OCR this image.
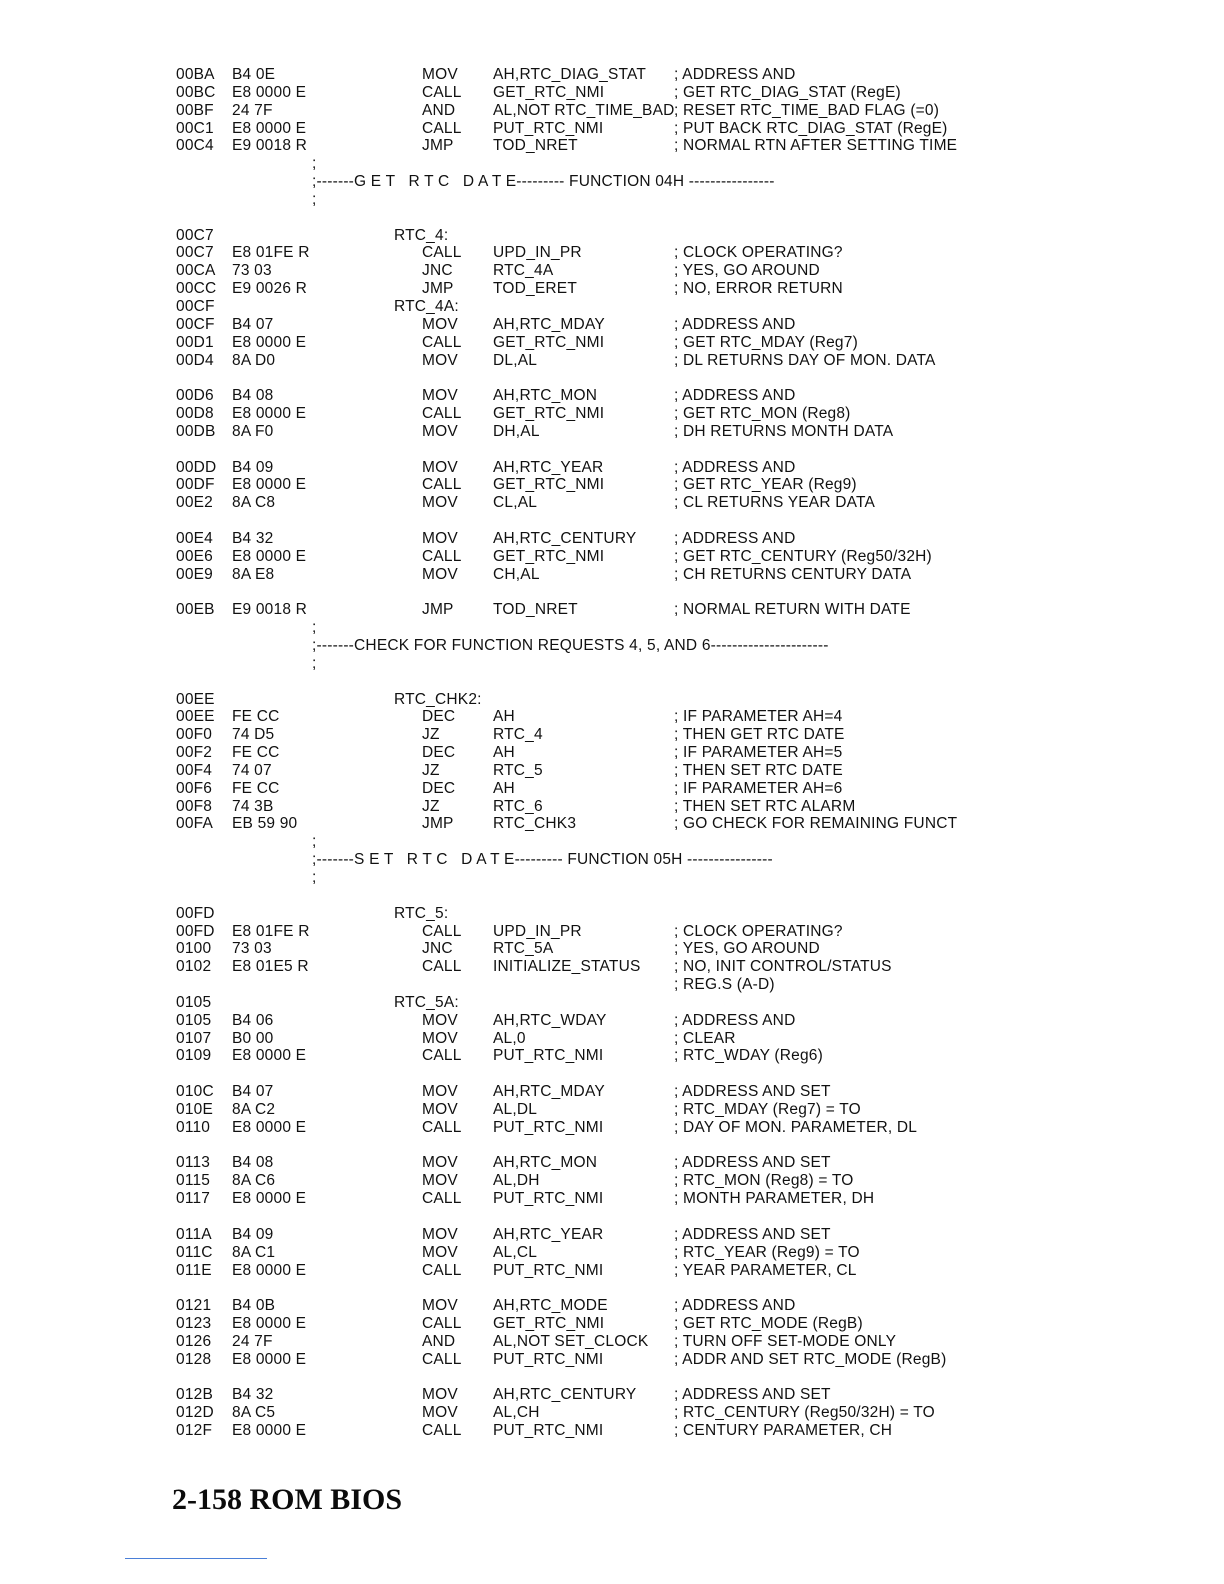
00BA B4 0E	MOV AH,RTC_DIAG_STAT ; ADDRESS AND
00BC E8 0000 E	CALL GET_RTC_NMI	; GET RTC_DIAG_STAT (RegE)
00BF 24 7F	AND AL,NOT RTC_TIME_BAD ; RESET RTC_TIME_BAD FLAG (=0)
00C1 E8 0000 E	CALL PUT_RTC_NMI	; PUT BACK RTC_DIAG_STAT (RegE)
00C4 E9 0018 R	JMP	TOD_NRET	; NORMAL RTN AFTER SETTING TIME
;
;-------G E T   R T C   D A T E--------- FUNCTION 04H ----------------
;
00C7	RTC_4:
00C7 E8 01FE R	CALL UPD_IN_PR	; CLOCK OPERATING?
00CA 73 03	JNC	RTC_4A	; YES, GO AROUND
00CC E9 0026 R	JMP	TOD_ERET	; NO, ERROR RETURN
00CF	RTC_4A:
00CF B4 07	MOV AH,RTC_MDAY	; ADDRESS AND
00D1 E8 0000 E	CALL GET_RTC_NMI	; GET RTC_MDAY (Reg7)
00D4 8A D0	MOV DL,AL	; DL RETURNS DAY OF MON. DATA
00D6 B4 08	MOV AH,RTC_MON	; ADDRESS AND
00D8 E8 0000 E	CALL GET_RTC_NMI	; GET RTC_MON (Reg8)
00DB 8A F0	MOV DH,AL	; DH RETURNS MONTH DATA
00DD B4 09	MOV AH,RTC_YEAR	; ADDRESS AND
00DF E8 0000 E	CALL GET_RTC_NMI	; GET RTC_YEAR (Reg9)
00E2 8A C8	MOV CL,AL	; CL RETURNS YEAR DATA
00E4 B4 32	MOV AH,RTC_CENTURY ; ADDRESS AND
00E6 E8 0000 E	CALL GET_RTC_NMI	; GET RTC_CENTURY (Reg50/32H)
00E9 8A E8	MOV CH,AL	; CH RETURNS CENTURY DATA
00EB E9 0018 R	JMP	TOD_NRET	; NORMAL RETURN WITH DATE
;
;-------CHECK FOR FUNCTION REQUESTS 4, 5, AND 6----------------------
;
00EE	RTC_CHK2:
00EE FE CC	DEC AH	; IF PARAMETER AH=4
00F0 74 D5	JZ	RTC_4	; THEN GET RTC DATE
00F2 FE CC	DEC AH	; IF PARAMETER AH=5
00F4 74 07	JZ	RTC_5	; THEN SET RTC DATE
00F6 FE CC	DEC AH	; IF PARAMETER AH=6
00F8 74 3B	JZ	RTC_6	; THEN SET RTC ALARM
00FA EB 59 90	JMP	RTC_CHK3	; GO CHECK FOR REMAINING FUNCT
;
;-------S E T   R T C   D A T E--------- FUNCTION 05H ----------------
;
00FD	RTC_5:
00FD E8 01FE R	CALL UPD_IN_PR	; CLOCK OPERATING?
0100 73 03	JNC	RTC_5A	; YES, GO AROUND
0102 E8 01E5 R	CALL INITIALIZE_STATUS ; NO, INIT CONTROL/STATUS
; REG.S (A-D)
0105	RTC_5A:
0105 B4 06	MOV AH,RTC_WDAY	; ADDRESS AND
0107 B0 00	MOV AL,0	; CLEAR
0109 E8 0000 E	CALL PUT_RTC_NMI	; RTC_WDAY (Reg6)
010C B4 07	MOV AH,RTC_MDAY	; ADDRESS AND SET
010E 8A C2	MOV AL,DL	; RTC_MDAY (Reg7) = TO
0110 E8 0000 E	CALL PUT_RTC_NMI	; DAY OF MON. PARAMETER, DL
0113 B4 08	MOV AH,RTC_MON	; ADDRESS AND SET
0115 8A C6	MOV AL,DH	; RTC_MON (Reg8) = TO
0117 E8 0000 E	CALL PUT_RTC_NMI	; MONTH PARAMETER, DH
011A B4 09	MOV AH,RTC_YEAR	; ADDRESS AND SET
011C 8A C1	MOV AL,CL	; RTC_YEAR (Reg9) = TO
011E E8 0000 E	CALL PUT_RTC_NMI	; YEAR PARAMETER, CL
0121 B4 0B	MOV AH,RTC_MODE	; ADDRESS AND
0123 E8 0000 E	CALL GET_RTC_NMI	; GET RTC_MODE (RegB)
0126 24 7F	AND AL,NOT SET_CLOCK ; TURN OFF SET-MODE ONLY
0128 E8 0000 E	CALL PUT_RTC_NMI	; ADDR AND SET RTC_MODE (RegB)
012B B4 32	MOV AH,RTC_CENTURY ; ADDRESS AND SET
012D 8A C5	MOV AL,CH	; RTC_CENTURY (Reg50/32H) = TO
012F E8 0000 E	CALL PUT_RTC_NMI	; CENTURY PARAMETER, CH
2-158 ROM BIOS
